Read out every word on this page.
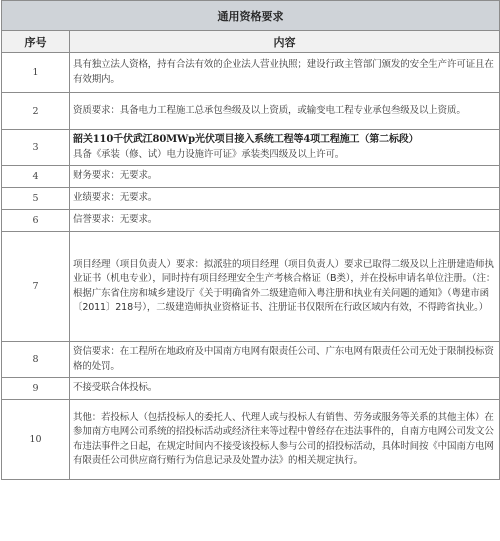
通用资格要求	
序号	内容
1	具有独立法人资格，持有合法有效的企业法人营业执照；建设行政主管部门颁发的安全生产许可证且在有效期内。
2	资质要求：具备电力工程施工总承包叁级及以上资质，或输变电工程专业承包叁级及以上资质。
3	韶关110千伏武江80MWp光伏项目接入系统工程等4项工程施工（第二标段）
具备《承装（修、试）电力设施许可证》承装类四级及以上许可。
4	财务要求：无要求。
5	业绩要求：无要求。
6	信誉要求：无要求。
7	项目经理（项目负责人）要求：拟派驻的项目经理（项目负责人）要求已取得二级及以上注册建造师执业证书（机电专业），同时持有项目经理安全生产考核合格证（B类），并在投标申请名单位注册。（注：根据广东省住房和城乡建设厅《关于明确省外二级建造师入粤注册和执业有关问题的通知》（粤建市函〔2011〕218号），二级建造师执业资格证书、注册证书仅限所在行政区域内有效，不得跨省执业。）
8	资信要求：在工程所在地政府及中国南方电网有限责任公司、广东电网有限责任公司无处于限制投标资格的处罚。
9	不接受联合体投标。
10	其他：若投标人（包括投标人的委托人、代理人或与投标人有销售、劳务或服务等关系的其他主体）在参加南方电网公司系统的招投标活动或经济往来等过程中曾经存在违法事件的，自南方电网公司发文公布违法事件之日起，在规定时间内不接受该投标人参与公司的招投标活动，具体时间按《中国南方电网有限责任公司供应商行贿行为信息记录及处置办法》的相关规定执行。
